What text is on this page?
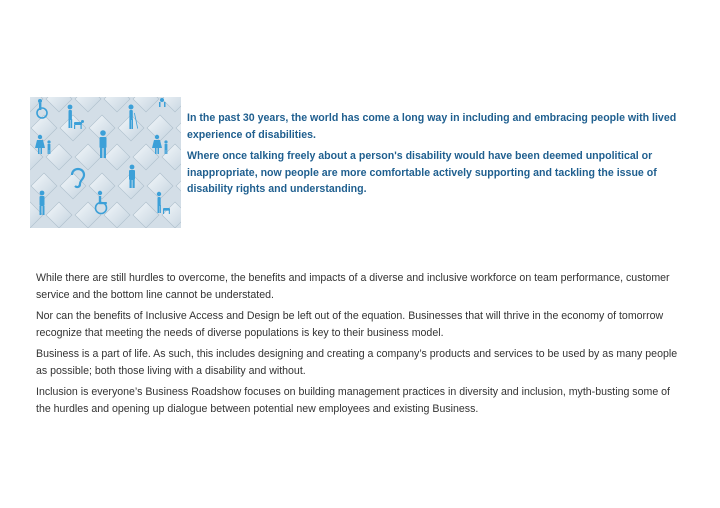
In the past 30 years, the world has come a long way in including and embracing people with lived experience of disabilities.

Where once talking freely about a person's disability would have been deemed unpolitical or inappropriate, now people are more comfortable actively supporting and tackling the issue of disability rights and understanding.

While there are still hurdles to overcome, the benefits and impacts of a diverse and inclusive workforce on team performance, customer service and the bottom line cannot be understated.

Nor can the benefits of Inclusive Access and Design be left out of the equation. Businesses that will thrive in the economy of tomorrow recognize that meeting the needs of diverse populations is key to their business model.

Business is a part of life. As such, this includes designing and creating a company’s products and services to be used by as many people as possible; both those living with a disability and without.

Inclusion is everyone’s Business Roadshow focuses on building management practices in diversity and inclusion, myth-busting some of the hurdles and opening up dialogue between potential new employees and existing Business.
